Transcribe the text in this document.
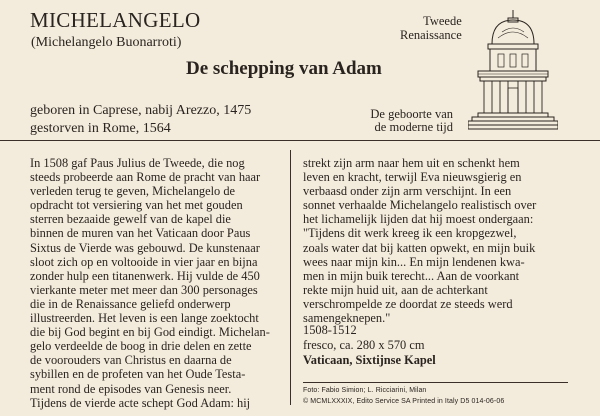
MICHELANGELO
(Michelangelo Buonarroti)
De schepping van Adam
geboren in Caprese, nabij Arezzo, 1475
gestorven in Rome, 1564
Tweede
Renaissance
De geboorte van
de moderne tijd
In 1508 gaf Paus Julius de Tweede, die nog
steeds probeerde aan Rome de pracht van haar
verleden terug te geven, Michelangelo de
opdracht tot versiering van het met gouden
sterren bezaaide gewelf van de kapel die
binnen de muren van het Vaticaan door Paus
Sixtus de Vierde was gebouwd. De kunstenaar
sloot zich op en voltooide in vier jaar en bijna
zonder hulp een titanenwerk. Hij vulde de 450
vierkante meter met meer dan 300 personages
die in de Renaissance geliefd onderwerp
illustreerden. Het leven is een lange zoektocht
die bij God begint en bij God eindigt. Michelan-
gelo verdeelde de boog in drie delen en zette
de voorouders van Christus en daarna de
sybillen en de profeten van het Oude Testa-
ment rond de episodes van Genesis neer.
Tijdens de vierde acte schept God Adam: hij
strekt zijn arm naar hem uit en schenkt hem
leven en kracht, terwijl Eva nieuwsgierig en
verbaasd onder zijn arm verschijnt. In een
sonnet verhaalde Michelangelo realistisch over
het lichamelijk lijden dat hij moest ondergaan:
"Tijdens dit werk kreeg ik een kropgezwel,
zoals water dat bij katten opwekt, en mijn buik
wees naar mijn kin... En mijn lendenen kwa-
men in mijn buik terecht... Aan de voorkant
rekte mijn huid uit, aan de achterkant
verschrompelde ze doordat ze steeds werd
samengeknepen."
1508-1512
fresco, ca. 280 x 570 cm
Vaticaan, Sixtijnse Kapel
Foto: Fabio Simion; L. Ricciarini, Milan
© MCMLXXXIX, Edito Service SA Printed in Italy D5 014-06-06
